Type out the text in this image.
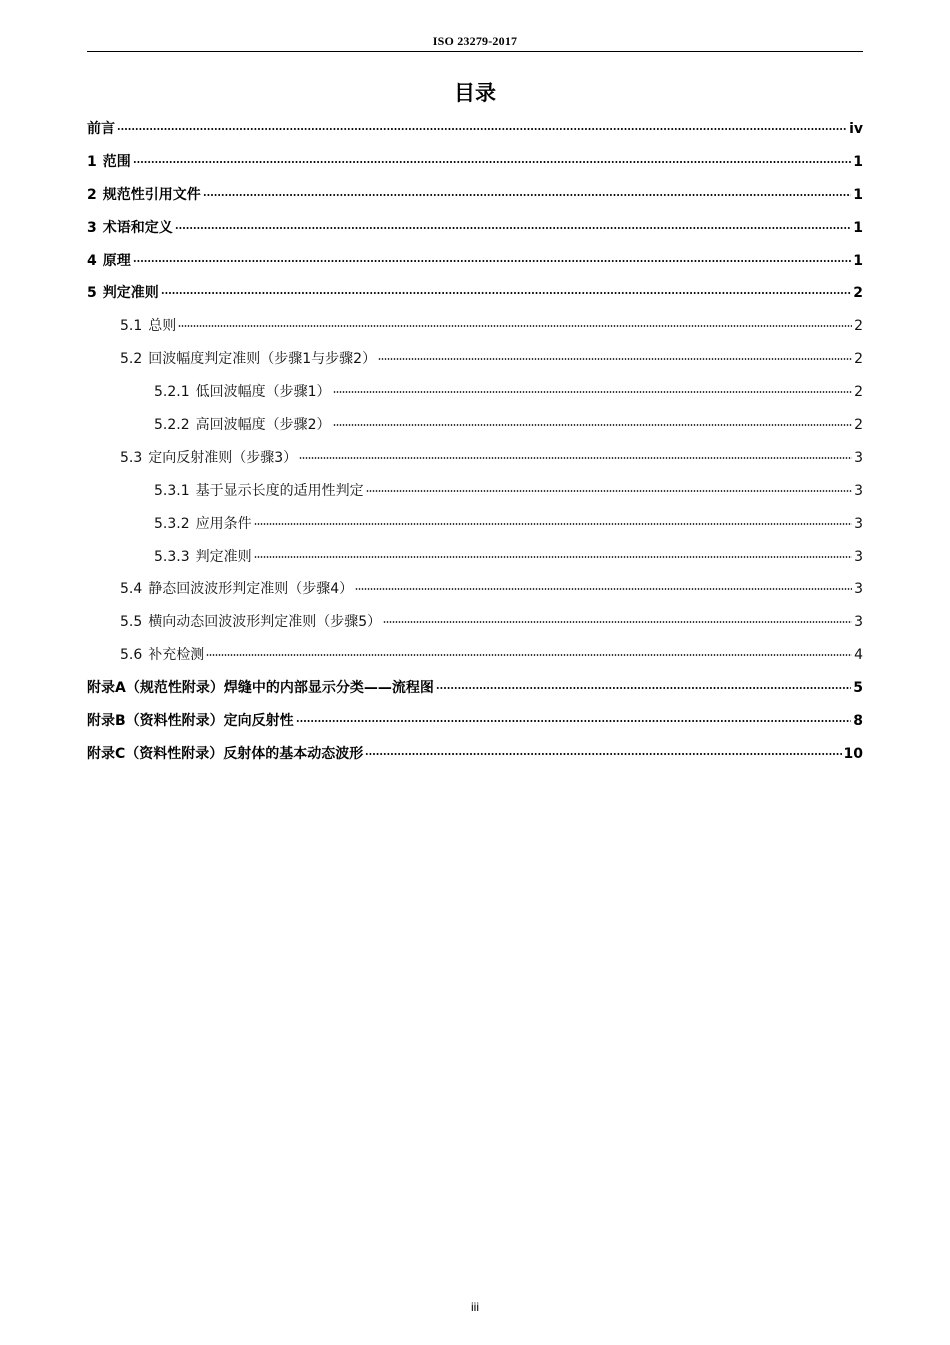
ISO 23279-2017
目录
前言	iv
1 范围	1
2 规范性引用文件	1
3 术语和定义	1
4 原理	1
5 判定准则	2
5.1 总则	2
5.2 回波幅度判定准则（步骤1与步骤2）	2
5.2.1 低回波幅度（步骤1）	2
5.2.2 高回波幅度（步骤2）	2
5.3 定向反射准则（步骤3）	3
5.3.1 基于显示长度的适用性判定	3
5.3.2 应用条件	3
5.3.3 判定准则	3
5.4 静态回波波形判定准则（步骤4）	3
5.5 横向动态回波波形判定准则（步骤5）	3
5.6 补充检测	4
附录A（规范性附录）焊缝中的内部显示分类——流程图	5
附录B（资料性附录）定向反射性	8
附录C（资料性附录）反射体的基本动态波形	10
iii
